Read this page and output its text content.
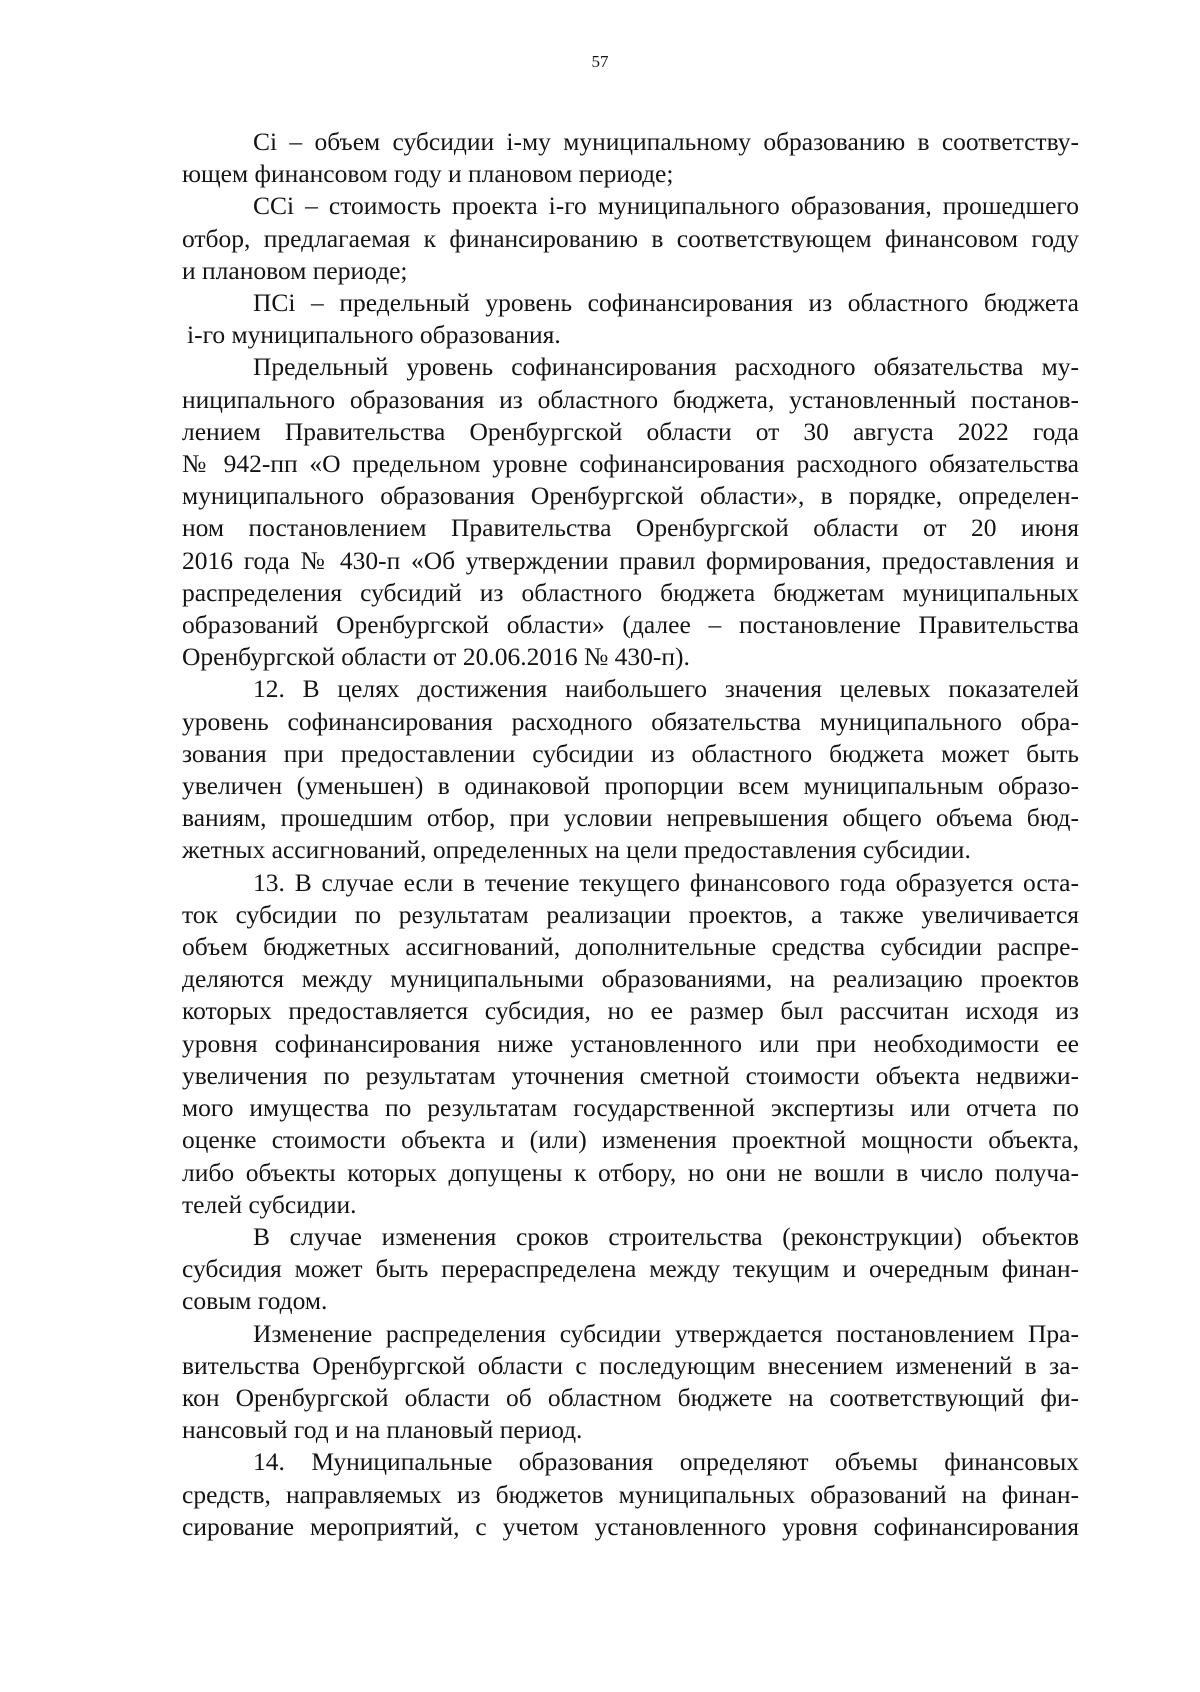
57
Ci – объем субсидии i-му муниципальному образованию в соответству-
ющем финансовом году и плановом периоде;
CCi – стоимость проекта i-го муниципального образования, прошедшего
отбор, предлагаемая к финансированию в соответствующем финансовом году
и плановом периоде;
ПСi – предельный уровень софинансирования из областного бюджета
i-го муниципального образования.
Предельный уровень софинансирования расходного обязательства му-
ниципального образования из областного бюджета, установленный постанов-
лением Правительства Оренбургской области от 30 августа 2022 года
№ 942-пп «О предельном уровне софинансирования расходного обязательства
муниципального образования Оренбургской области», в порядке, определен-
ном постановлением Правительства Оренбургской области от 20 июня
2016 года № 430-п «Об утверждении правил формирования, предоставления и
распределения субсидий из областного бюджета бюджетам муниципальных
образований Оренбургской области» (далее – постановление Правительства
Оренбургской области от 20.06.2016 № 430-п).
12. В целях достижения наибольшего значения целевых показателей
уровень софинансирования расходного обязательства муниципального обра-
зования при предоставлении субсидии из областного бюджета может быть
увеличен (уменьшен) в одинаковой пропорции всем муниципальным образо-
ваниям, прошедшим отбор, при условии непревышения общего объема бюд-
жетных ассигнований, определенных на цели предоставления субсидии.
13. В случае если в течение текущего финансового года образуется оста-
ток субсидии по результатам реализации проектов, а также увеличивается
объем бюджетных ассигнований, дополнительные средства субсидии распре-
деляются между муниципальными образованиями, на реализацию проектов
которых предоставляется субсидия, но ее размер был рассчитан исходя из
уровня софинансирования ниже установленного или при необходимости ее
увеличения по результатам уточнения сметной стоимости объекта недвижи-
мого имущества по результатам государственной экспертизы или отчета по
оценке стоимости объекта и (или) изменения проектной мощности объекта,
либо объекты которых допущены к отбору, но они не вошли в число получа-
телей субсидии.
В случае изменения сроков строительства (реконструкции) объектов
субсидия может быть перераспределена между текущим и очередным финан-
совым годом.
Изменение распределения субсидии утверждается постановлением Пра-
вительства Оренбургской области с последующим внесением изменений в за-
кон Оренбургской области об областном бюджете на соответствующий фи-
нансовый год и на плановый период.
14. Муниципальные образования определяют объемы финансовых
средств, направляемых из бюджетов муниципальных образований на финан-
сирование мероприятий, с учетом установленного уровня софинансирования
